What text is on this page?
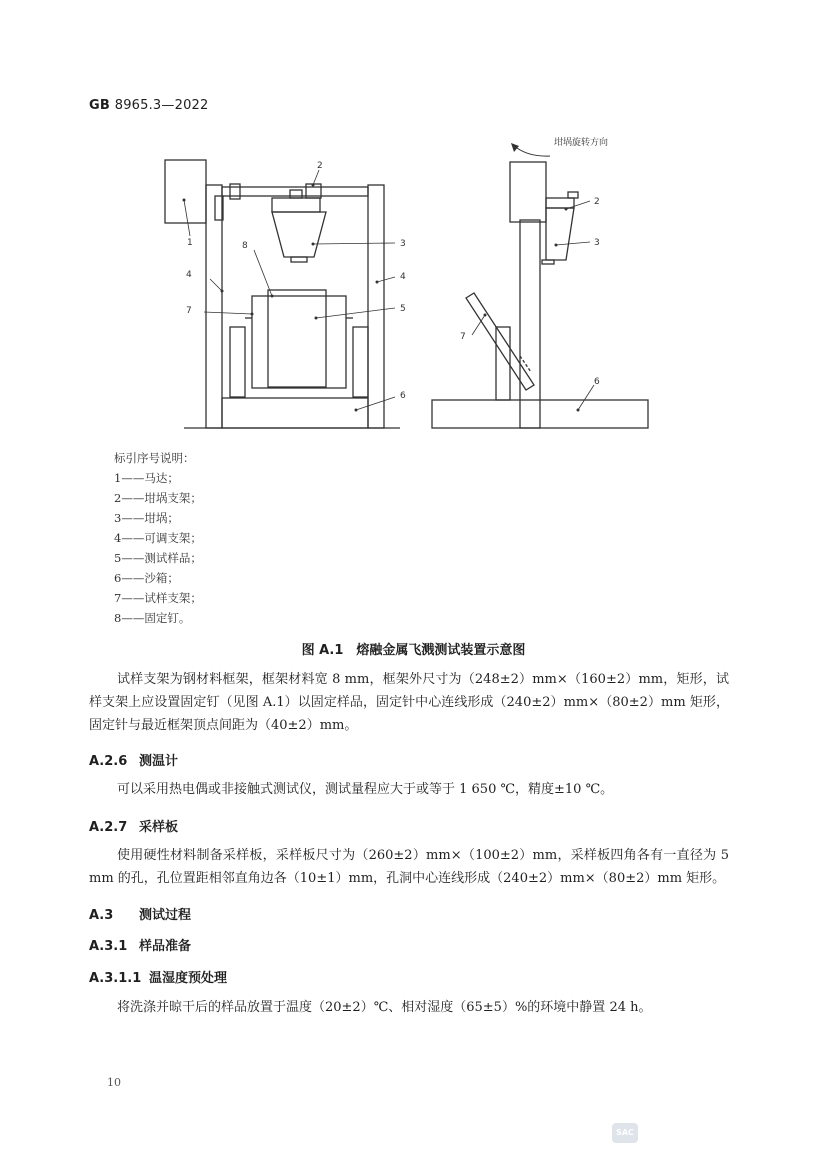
GB 8965.3—2022
1
2
3
4	4
5
6
7
8
坩埚旋转方向
2
3
6
7
标引序号说明：
1——马达；
2——坩埚支架；
3——坩埚；
4——可调支架；
5——测试样品；
6——沙箱；
7——试样支架；
8——固定钉。
图 A.1　熔融金属飞溅测试装置示意图
试样支架为钢材料框架，框架材料宽 8 mm，框架外尺寸为（248±2）mm×（160±2）mm，矩形，试样支架上应设置固定钉（见图 A.1）以固定样品，固定针中心连线形成（240±2）mm×（80±2）mm 矩形，固定针与最近框架顶点间距为（40±2）mm。
A.2.6 测温计
可以采用热电偶或非接触式测试仪，测试量程应大于或等于 1 650 ℃，精度±10 ℃。
A.2.7 采样板
使用硬性材料制备采样板，采样板尺寸为（260±2）mm×（100±2）mm，采样板四角各有一直径为 5 mm 的孔，孔位置距相邻直角边各（10±1）mm，孔洞中心连线形成（240±2）mm×（80±2）mm 矩形。
A.3 测试过程
A.3.1 样品准备
A.3.1.1 温湿度预处理
将洗涤并晾干后的样品放置于温度（20±2）℃、相对湿度（65±5）%的环境中静置 24 h。
10
SAC
